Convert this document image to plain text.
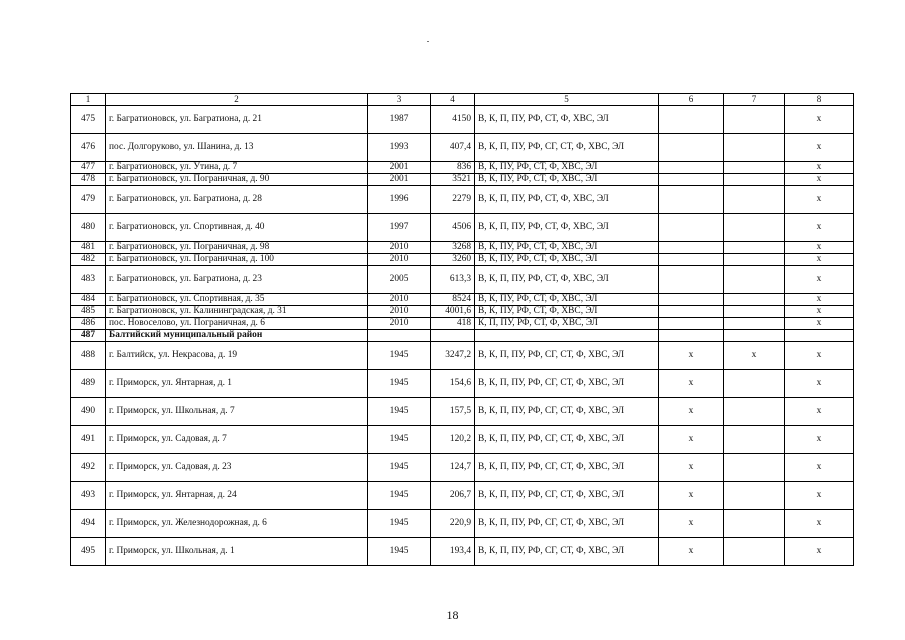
1	2	3	4	5	6	7	8
475	г. Багратионовск, ул. Багратиона, д. 21	1987	4150	В, К, П, ПУ, РФ, СТ, Ф, ХВС, ЭЛ			х
476	пос. Долгоруково, ул. Шанина, д. 13	1993	407,4	В, К, П, ПУ, РФ, СГ, СТ, Ф, ХВС, ЭЛ			х
477	г. Багратионовск, ул. Утина, д. 7	2001	836	В, К, ПУ, РФ, СТ, Ф, ХВС, ЭЛ			х
478	г. Багратионовск, ул. Пограничная, д. 90	2001	3521	В, К, ПУ, РФ, СТ, Ф, ХВС, ЭЛ			х
479	г. Багратионовск, ул. Багратиона, д. 28	1996	2279	В, К, П, ПУ, РФ, СТ, Ф, ХВС, ЭЛ			х
480	г. Багратионовск, ул. Спортивная, д. 40	1997	4506	В, К, П, ПУ, РФ, СТ, Ф, ХВС, ЭЛ			х
481	г. Багратионовск, ул. Пограничная, д. 98	2010	3268	В, К, ПУ, РФ, СТ, Ф, ХВС, ЭЛ			х
482	г. Багратионовск, ул. Пограничная, д. 100	2010	3260	В, К, ПУ, РФ, СТ, Ф, ХВС, ЭЛ			х
483	г. Багратионовск, ул. Багратиона, д. 23	2005	613,3	В, К, П, ПУ, РФ, СТ, Ф, ХВС, ЭЛ			х
484	г. Багратионовск, ул. Спортивная, д. 35	2010	8524	В, К, ПУ, РФ, СТ, Ф, ХВС, ЭЛ			х
485	г. Багратионовск, ул. Калининградская, д. 31	2010	4001,6	В, К, ПУ, РФ, СТ, Ф, ХВС, ЭЛ			х
486	пос. Новоселово, ул. Пограничная, д. 6	2010	418	К, П, ПУ, РФ, СТ, Ф, ХВС, ЭЛ			х
487	Балтийский муниципальный район						
488	г. Балтийск, ул. Некрасова, д. 19	1945	3247,2	В, К, П, ПУ, РФ, СГ, СТ, Ф, ХВС, ЭЛ	х	х	х
489	г. Приморск, ул. Янтарная, д. 1	1945	154,6	В, К, П, ПУ, РФ, СГ, СТ, Ф, ХВС, ЭЛ	х		х
490	г. Приморск, ул. Школьная, д. 7	1945	157,5	В, К, П, ПУ, РФ, СГ, СТ, Ф, ХВС, ЭЛ	х		х
491	г. Приморск, ул. Садовая, д. 7	1945	120,2	В, К, П, ПУ, РФ, СГ, СТ, Ф, ХВС, ЭЛ	х		х
492	г. Приморск, ул. Садовая, д. 23	1945	124,7	В, К, П, ПУ, РФ, СГ, СТ, Ф, ХВС, ЭЛ	х		х
493	г. Приморск, ул. Янтарная, д. 24	1945	206,7	В, К, П, ПУ, РФ, СГ, СТ, Ф, ХВС, ЭЛ	х		х
494	г. Приморск, ул. Железнодорожная, д. 6	1945	220,9	В, К, П, ПУ, РФ, СГ, СТ, Ф, ХВС, ЭЛ	х		х
495	г. Приморск, ул. Школьная, д. 1	1945	193,4	В, К, П, ПУ, РФ, СГ, СТ, Ф, ХВС, ЭЛ	х		х
18
